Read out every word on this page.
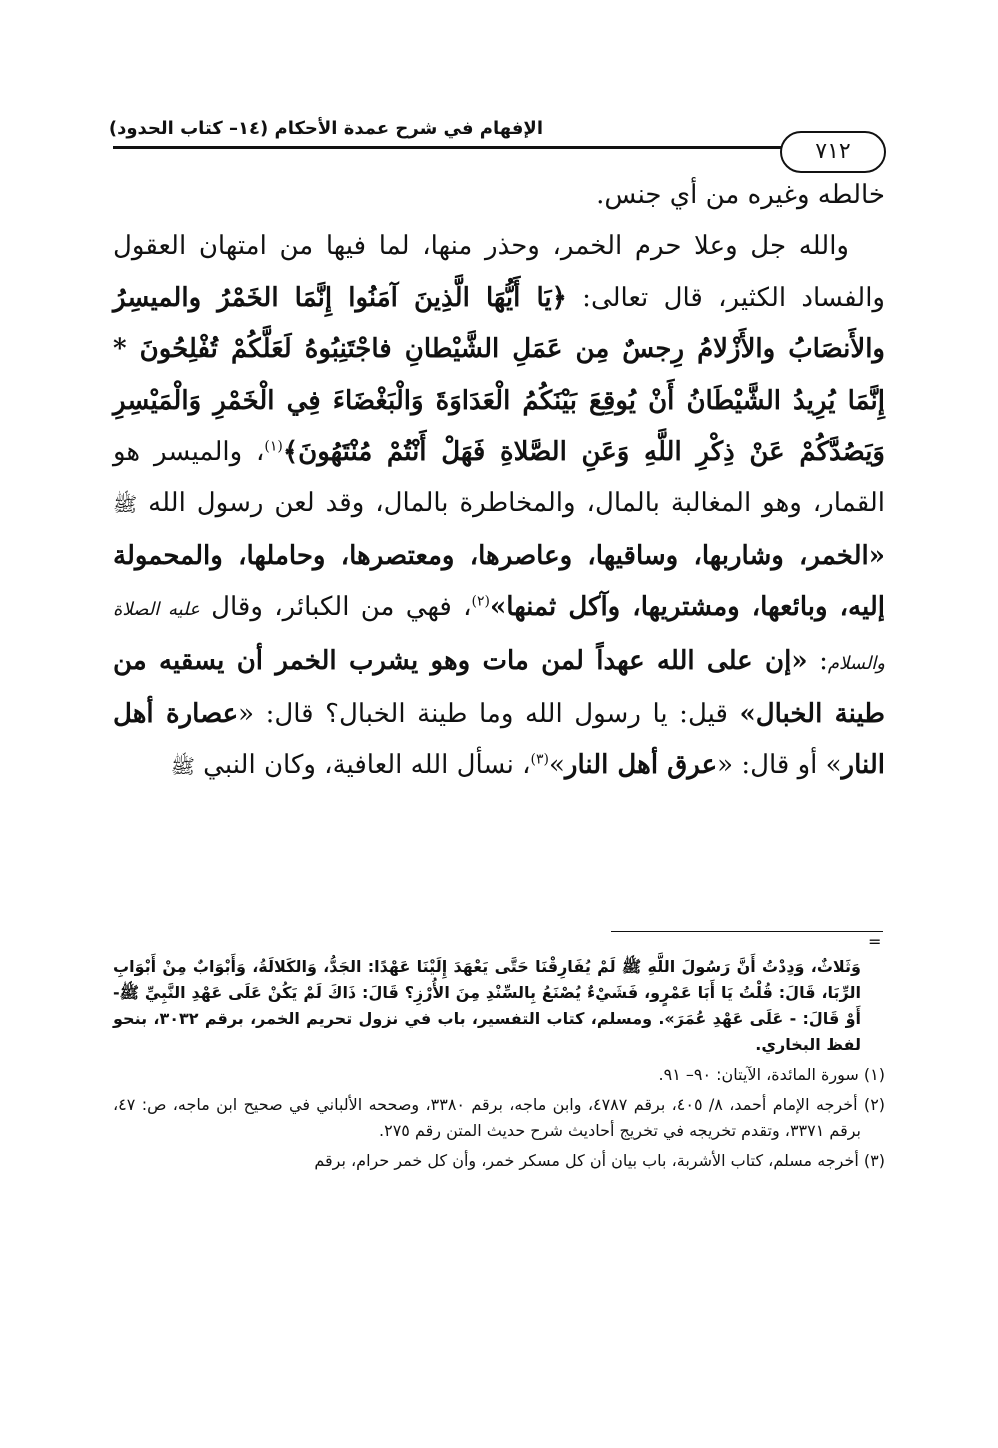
الإفهام في شرح عمدة الأحكام (١٤– كتاب الحدود)
٧١٢

خالطه وغيره من أي جنس.

والله جل وعلا حرم الخمر، وحذر منها، لما فيها من امتهان العقول والفساد الكثير، قال تعالى: ﴿يَا أَيُّهَا الَّذِينَ آمَنُوا إِنَّمَا الخَمْرُ والميسِرُ والأَنصَابُ والأَزْلامُ رِجسٌ مِن عَمَلِ الشَّيْطانِ فاجْتَنِبُوهُ لَعَلَّكُمْ تُفْلِحُونَ * إِنَّمَا يُرِيدُ الشَّيْطَانُ أَنْ يُوقِعَ بَيْنَكُمُ الْعَدَاوَةَ وَالْبَغْضَاءَ فِي الْخَمْرِ وَالْمَيْسِرِ وَيَصُدَّكُمْ عَنْ ذِكْرِ اللَّهِ وَعَنِ الصَّلاةِ فَهَلْ أَنْتُمْ مُنْتَهُونَ﴾$^{(١)}$، والميسر هو القمار، وهو المغالبة بالمال، والمخاطرة بالمال، وقد لعن رسول الله ﷺ «الخمر، وشاربها، وساقيها، وعاصرها، ومعتصرها، وحاملها، والمحمولة إليه، وبائعها، ومشتريها، وآكل ثمنها»$^{(٢)}$، فهي من الكبائر، وقال عليه الصلاة والسلام: «إن على الله عهداً لمن مات وهو يشرب الخمر أن يسقيه من طينة الخبال» قيل: يا رسول الله وما طينة الخبال؟ قال: «عصارة أهل النار» أو قال: «عرق أهل النار»$^{(٣)}$، نسأل الله العافية، وكان النبي ﷺ

=

وَثَلاثٌ، وَدِدْتُ أَنَّ رَسُولَ اللَّهِ ﷺ لَمْ يُفَارِقْنَا حَتَّى يَعْهَدَ إِلَيْنَا عَهْدًا: الجَدُّ، وَالكَلالَةُ، وَأَبْوَابٌ مِنْ أَبْوَابِ الرِّبَا، قَالَ: قُلْتُ يَا أَبَا عَمْرٍو، فَشَيْءٌ يُصْنَعُ بِالسِّنْدِ مِنَ الأُرْزِ؟ قَالَ: ذَاكَ لَمْ يَكُنْ عَلَى عَهْدِ النَّبِيِّ ﷺ- أَوْ قَالَ: - عَلَى عَهْدِ عُمَرَ». ومسلم، كتاب التفسير، باب في نزول تحريم الخمر، برقم ٣٠٣٢، بنحو لفظ البخاري.

(١) سورة المائدة، الآيتان: ٩٠– ٩١.

(٢) أخرجه الإمام أحمد، ٨/ ٤٠٥، برقم ٤٧٨٧، وابن ماجه، برقم ٣٣٨٠، وصححه الألباني في صحيح ابن ماجه، ص: ٤٧، برقم ٣٣٧١، وتقدم تخريجه في تخريج أحاديث شرح حديث المتن رقم ٢٧٥.

(٣) أخرجه مسلم، كتاب الأشربة، باب بيان أن كل مسكر خمر، وأن كل خمر حرام، برقم
